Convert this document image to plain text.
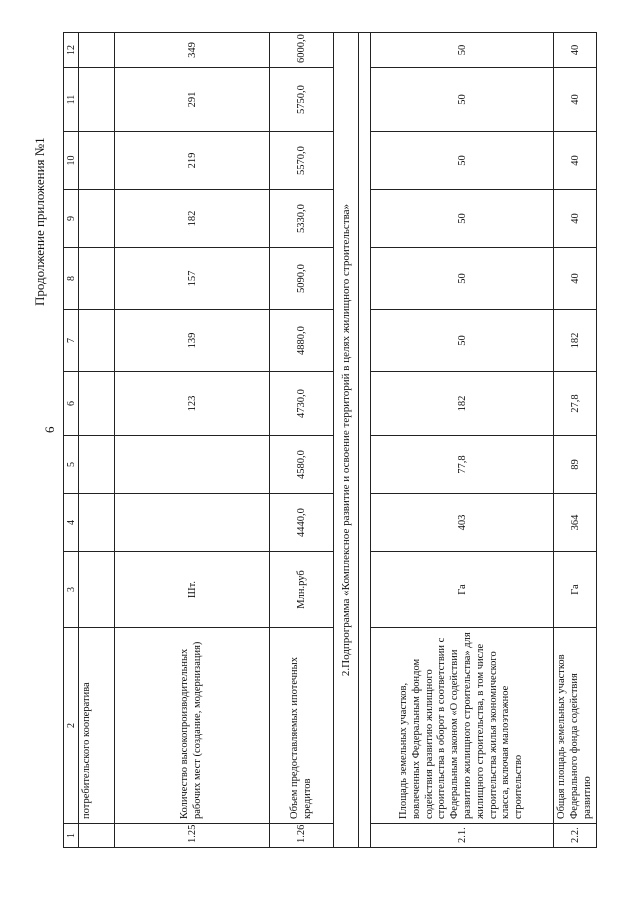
6
Продолжение приложения №1
1	2	3	4	5	6	7	8	9	10	11	12
	потребительского кооператива										
1.25	Количество высокопроизводительных рабочих мест (создание, модернизация)	Шт.			123	139	157	182	219	291	349
1.26	Объем предоставляемых ипотечных кредитов	Млн.руб	4440,0	4580,0	4730,0	4880,0	5090,0	5330,0	5570,0	5750,0	6000,0
2.Подпрограмма «Комплексное развитие и освоение территорий в целях жилищного строительства»											

2.1.	Площадь земельных участков, вовлеченных Федеральным фондом содействия развитию жилищного строительства в оборот в соответствии с Федеральным законом «О содействии развитию жилищного строительства» для жилищного строительства, в том числе строительства жилья экономического класса, включая малоэтажное строительство	Га	403	77,8	182	50	50	50	50	50	50
2.2.	Общая площадь земельных участков Федерального фонда содействия развитию	Га	364	89	27,8	182	40	40	40	40	40
